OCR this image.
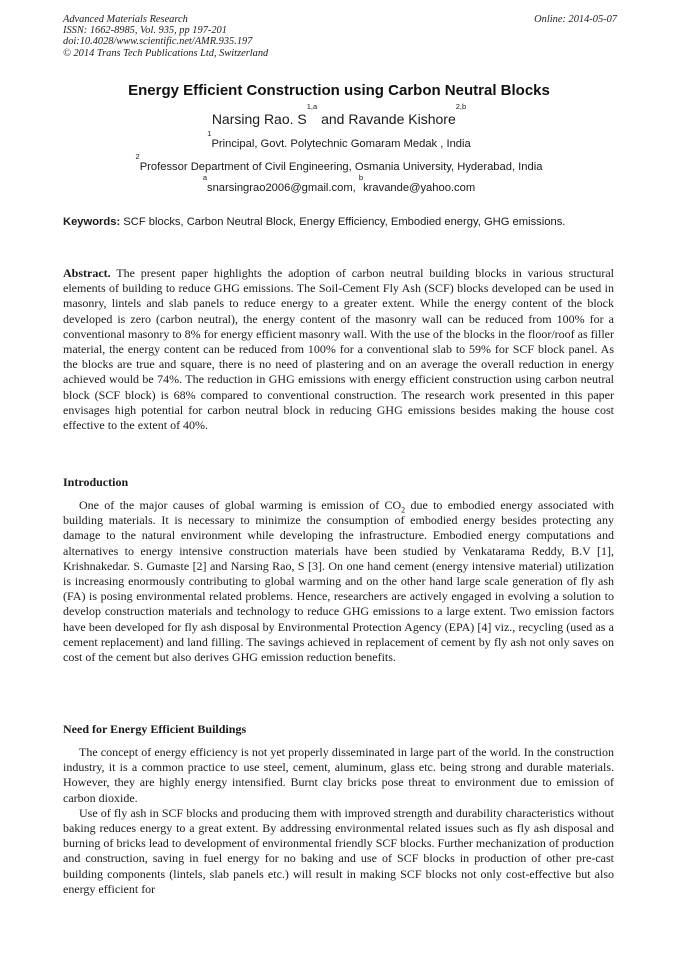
Advanced Materials Research
ISSN: 1662-8985, Vol. 935, pp 197-201
doi:10.4028/www.scientific.net/AMR.935.197
© 2014 Trans Tech Publications Ltd, Switzerland
Online: 2014-05-07
Energy Efficient Construction using Carbon Neutral Blocks
Narsing Rao. S$^{1,a}$ and Ravande Kishore$^{2,b}$
$^1$Principal, Govt. Polytechnic Gomaram Medak , India
$^2$Professor Department of Civil Engineering, Osmania University, Hyderabad, India
$^a$snarsingrao2006@gmail.com, $^b$kravande@yahoo.com
Keywords: SCF blocks, Carbon Neutral Block, Energy Efficiency, Embodied energy, GHG emissions.

Abstract. The present paper highlights the adoption of carbon neutral building blocks in various structural elements of building to reduce GHG emissions. The Soil-Cement Fly Ash (SCF) blocks developed can be used in masonry, lintels and slab panels to reduce energy to a greater extent. While the energy content of the block developed is zero (carbon neutral), the energy content of the masonry wall can be reduced from 100% for a conventional masonry to 8% for energy efficient masonry wall. With the use of the blocks in the floor/roof as filler material, the energy content can be reduced from 100% for a conventional slab to 59% for SCF block panel. As the blocks are true and square, there is no need of plastering and on an average the overall reduction in energy achieved would be 74%. The reduction in GHG emissions with energy efficient construction using carbon neutral block (SCF block) is 68% compared to conventional construction. The research work presented in this paper envisages high potential for carbon neutral block in reducing GHG emissions besides making the house cost effective to the extent of 40%.

Introduction

One of the major causes of global warming is emission of $CO_2$ due to embodied energy associated with building materials. It is necessary to minimize the consumption of embodied energy besides protecting any damage to the natural environment while developing the infrastructure. Embodied energy computations and alternatives to energy intensive construction materials have been studied by Venkatarama Reddy, B.V [1], Krishnakedar. S. Gumaste [2] and Narsing Rao, S [3]. On one hand cement (energy intensive material) utilization is increasing enormously contributing to global warming and on the other hand large scale generation of fly ash (FA) is posing environmental related problems. Hence, researchers are actively engaged in evolving a solution to develop construction materials and technology to reduce GHG emissions to a large extent. Two emission factors have been developed for fly ash disposal by Environmental Protection Agency (EPA) [4] viz., recycling (used as a cement replacement) and land filling. The savings achieved in replacement of cement by fly ash not only saves on cost of the cement but also derives GHG emission reduction benefits.

Need for Energy Efficient Buildings

The concept of energy efficiency is not yet properly disseminated in large part of the world. In the construction industry, it is a common practice to use steel, cement, aluminum, glass etc. being strong and durable materials. However, they are highly energy intensified. Burnt clay bricks pose threat to environment due to emission of carbon dioxide.

Use of fly ash in SCF blocks and producing them with improved strength and durability characteristics without baking reduces energy to a great extent. By addressing environmental related issues such as fly ash disposal and burning of bricks lead to development of environmental friendly SCF blocks. Further mechanization of production and construction, saving in fuel energy for no baking and use of SCF blocks in production of other pre-cast building components (lintels, slab panels etc.) will result in making SCF blocks not only cost-effective but also energy efficient for
